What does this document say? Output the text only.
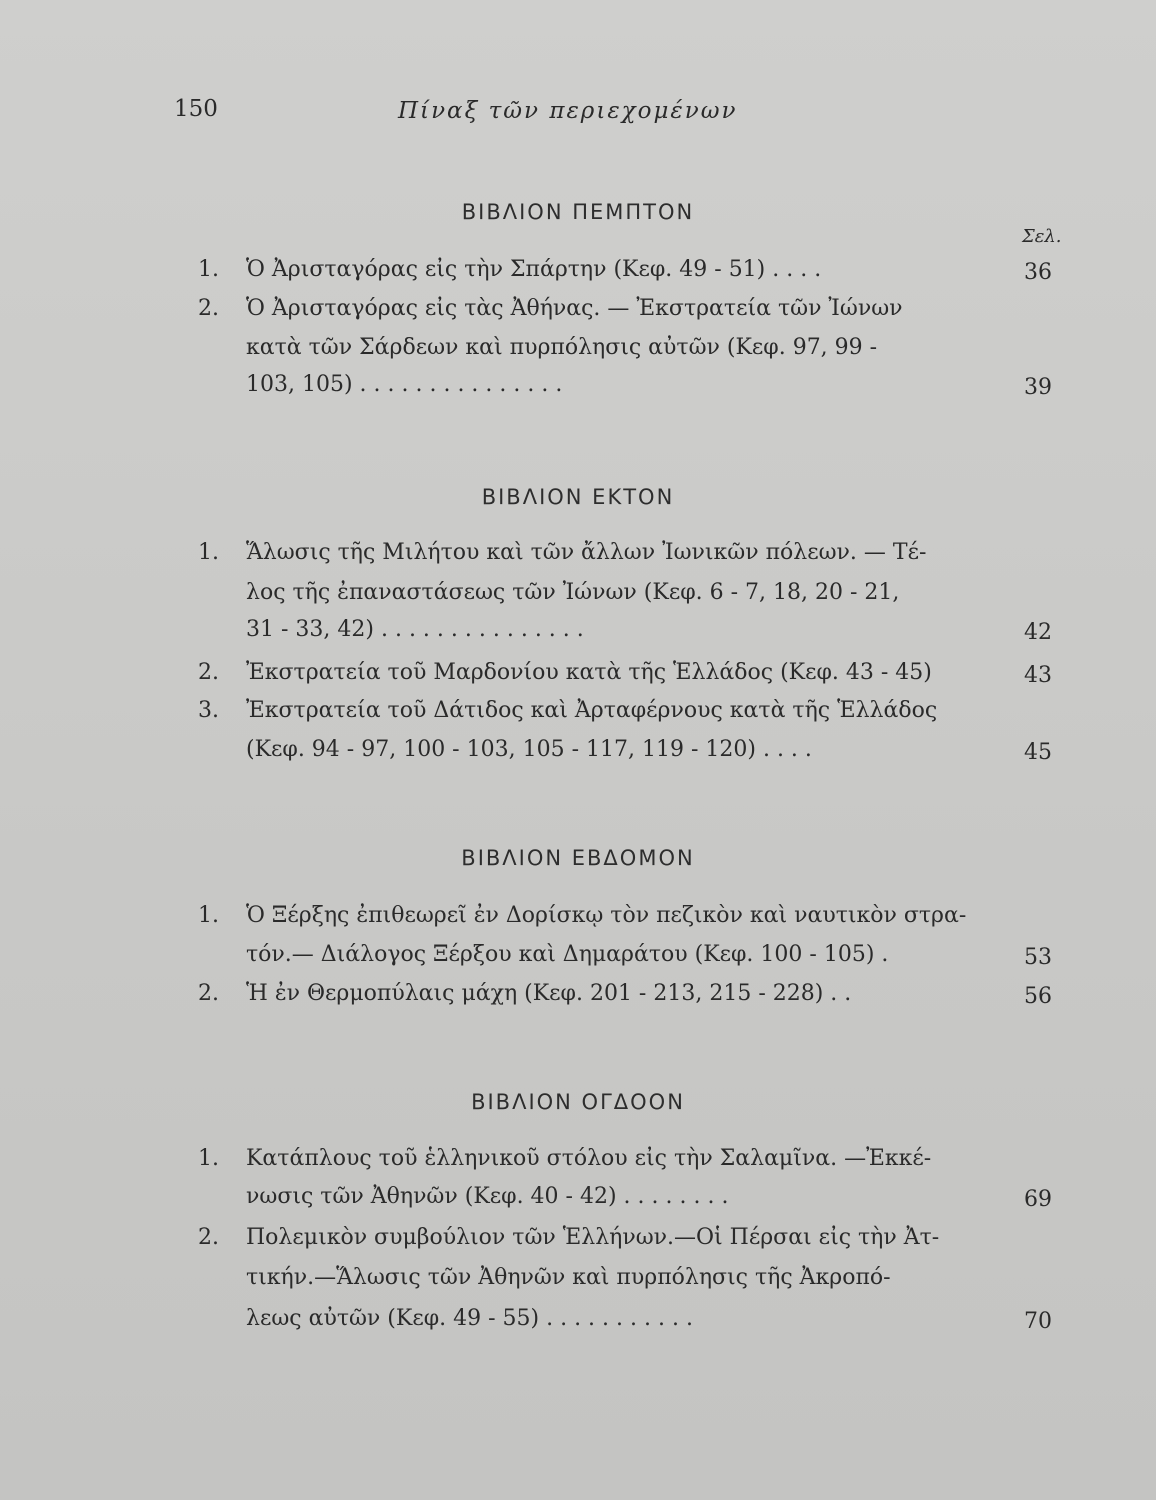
150	Πίναξ τῶν περιεχομένων
ΒΙΒΛΙΟΝ ΠΕΜΠΤΟΝ
Σελ.
1. Ὁ Ἀρισταγόρας εἰς τὴν Σπάρτην (Κεφ. 49 - 51) . . . .	36
2. Ὁ Ἀρισταγόρας εἰς τὰς Ἀθήνας. — Ἐκστρατεία τῶν Ἰώνων
κατὰ τῶν Σάρδεων καὶ πυρπόλησις αὐτῶν (Κεφ. 97, 99 -
103, 105) . . . . . . . . . . . . . . .	39
ΒΙΒΛΙΟΝ ΕΚΤΟΝ
1. Ἅλωσις τῆς Μιλήτου καὶ τῶν ἄλλων Ἰωνικῶν πόλεων. — Τέ-
λος τῆς ἐπαναστάσεως τῶν Ἰώνων (Κεφ. 6 - 7, 18, 20 - 21,
31 - 33, 42) . . . . . . . . . . . . . . .	42
2. Ἐκστρατεία τοῦ Μαρδονίου κατὰ τῆς Ἑλλάδος (Κεφ. 43 - 45)	43
3. Ἐκστρατεία τοῦ Δάτιδος καὶ Ἀρταφέρνους κατὰ τῆς Ἑλλάδος
(Κεφ. 94 - 97, 100 - 103, 105 - 117, 119 - 120) . . . .	45
ΒΙΒΛΙΟΝ ΕΒΔΟΜΟΝ
1. Ὁ Ξέρξης ἐπιθεωρεῖ ἐν Δορίσκῳ τὸν πεζικὸν καὶ ναυτικὸν στρα-
τόν.— Διάλογος Ξέρξου καὶ Δημαράτου (Κεφ. 100 - 105) .	53
2. Ἡ ἐν Θερμοπύλαις μάχη (Κεφ. 201 - 213, 215 - 228) . .	56
ΒΙΒΛΙΟΝ ΟΓΔΟΟΝ
1. Κατάπλους τοῦ ἑλληνικοῦ στόλου εἰς τὴν Σαλαμῖνα. —Ἐκκέ-
νωσις τῶν Ἀθηνῶν (Κεφ. 40 - 42) . . . . . . . .	69
2. Πολεμικὸν συμβούλιον τῶν Ἑλλήνων.—Οἱ Πέρσαι εἰς τὴν Ἀτ-
τικήν.—Ἅλωσις τῶν Ἀθηνῶν καὶ πυρπόλησις τῆς Ἀκροπό-
λεως αὐτῶν (Κεφ. 49 - 55) . . . . . . . . . . .	70
